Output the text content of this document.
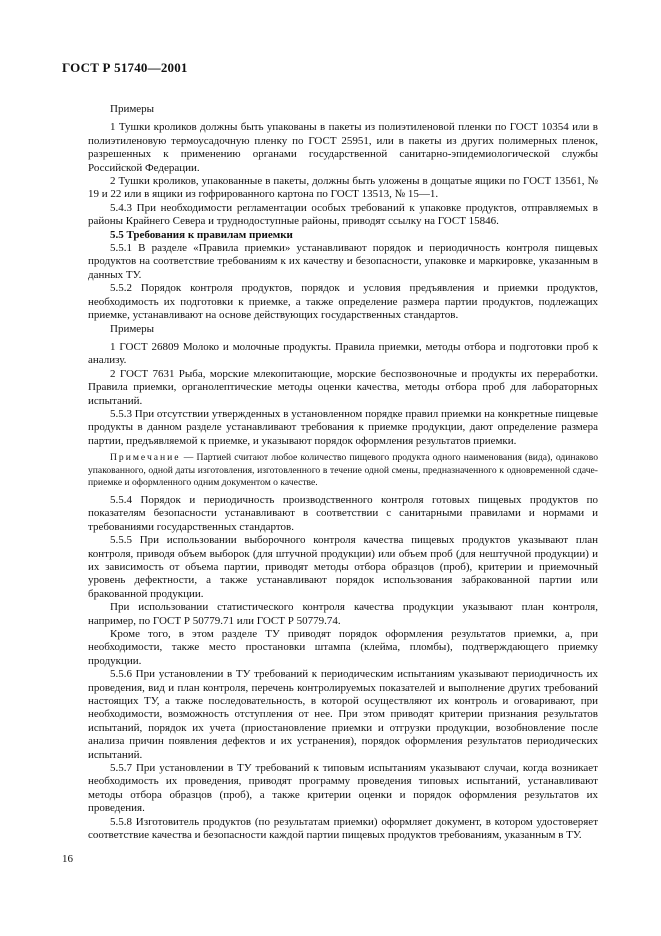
ГОСТ Р 51740—2001

Примеры

1 Тушки кроликов должны быть упакованы в пакеты из полиэтиленовой пленки по ГОСТ 10354 или в полиэтиленовую термоусадочную пленку по ГОСТ 25951, или в пакеты из других полимерных пленок, разрешенных к применению органами государственной санитарно-эпидемиологической службы Российской Федерации.

2 Тушки кроликов, упакованные в пакеты, должны быть уложены в дощатые ящики по ГОСТ 13561, № 19 и 22 или в ящики из гофрированного картона по ГОСТ 13513, № 15—1.

5.4.3 При необходимости регламентации особых требований к упаковке продуктов, отправляемых в районы Крайнего Севера и труднодоступные районы, приводят ссылку на ГОСТ 15846.

5.5 Требования к правилам приемки

5.5.1 В разделе «Правила приемки» устанавливают порядок и периодичность контроля пищевых продуктов на соответствие требованиям к их качеству и безопасности, упаковке и маркировке, указанным в данных ТУ.

5.5.2 Порядок контроля продуктов, порядок и условия предъявления и приемки продуктов, необходимость их подготовки к приемке, а также определение размера партии продуктов, подлежащих приемке, устанавливают на основе действующих государственных стандартов.

Примеры

1 ГОСТ 26809 Молоко и молочные продукты. Правила приемки, методы отбора и подготовки проб к анализу.

2 ГОСТ 7631 Рыба, морские млекопитающие, морские беспозвоночные и продукты их переработки. Правила приемки, органолептические методы оценки качества, методы отбора проб для лабораторных испытаний.

5.5.3 При отсутствии утвержденных в установленном порядке правил приемки на конкретные пищевые продукты в данном разделе устанавливают требования к приемке продукции, дают определение размера партии, предъявляемой к приемке, и указывают порядок оформления результатов приемки.

Примечание — Партией считают любое количество пищевого продукта одного наименования (вида), одинаково упакованного, одной даты изготовления, изготовленного в течение одной смены, предназначенного к одновременной сдаче-приемке и оформленного одним документом о качестве.

5.5.4 Порядок и периодичность производственного контроля готовых пищевых продуктов по показателям безопасности устанавливают в соответствии с санитарными правилами и нормами и требованиями государственных стандартов.

5.5.5 При использовании выборочного контроля качества пищевых продуктов указывают план контроля, приводя объем выборок (для штучной продукции) или объем проб (для нештучной продукции) и их зависимость от объема партии, приводят методы отбора образцов (проб), критерии и приемочный уровень дефектности, а также устанавливают порядок использования забракованной партии или бракованной продукции.

При использовании статистического контроля качества продукции указывают план контроля, например, по ГОСТ Р 50779.71 или ГОСТ Р 50779.74.

Кроме того, в этом разделе ТУ приводят порядок оформления результатов приемки, а, при необходимости, также место простановки штампа (клейма, пломбы), подтверждающего приемку продукции.

5.5.6 При установлении в ТУ требований к периодическим испытаниям указывают периодичность их проведения, вид и план контроля, перечень контролируемых показателей и выполнение других требований настоящих ТУ, а также последовательность, в которой осуществляют их контроль и оговаривают, при необходимости, возможность отступления от нее. При этом приводят критерии признания результатов испытаний, порядок их учета (приостановление приемки и отгрузки продукции, возобновление после анализа причин появления дефектов и их устранения), порядок оформления результатов периодических испытаний.

5.5.7 При установлении в ТУ требований к типовым испытаниям указывают случаи, когда возникает необходимость их проведения, приводят программу проведения типовых испытаний, устанавливают методы отбора образцов (проб), а также критерии оценки и порядок оформления результатов их проведения.

5.5.8 Изготовитель продуктов (по результатам приемки) оформляет документ, в котором удостоверяет соответствие качества и безопасности каждой партии пищевых продуктов требованиям, указанным в ТУ.

16
